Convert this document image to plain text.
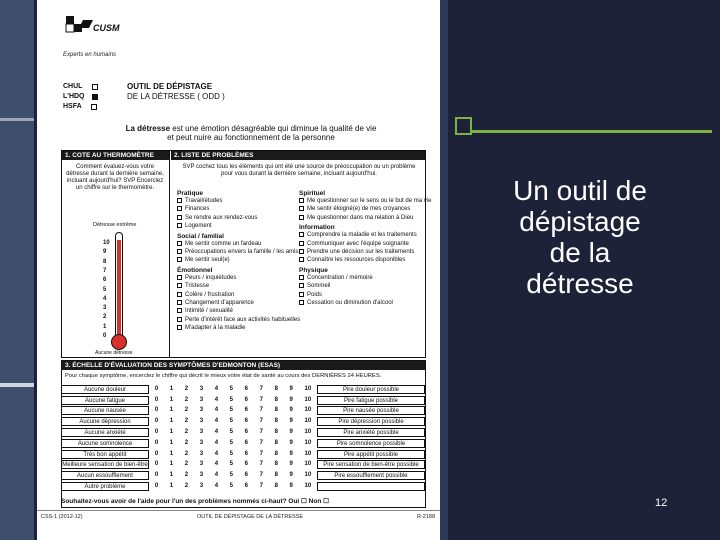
CUSM
Experts en humains
CHUL
L'HDQ
HSFA
OUTIL DE DÉPISTAGE
DE LA DÉTRESSE ( ODD )
La détresse est une émotion désagréable qui diminue la qualité de vie
et peut nuire au fonctionnement de la personne
1. COTE AU THERMOMÈTRE	2. LISTE DE PROBLÈMES
Comment évaluez-vous votre détresse durant la dernière semaine, incluant aujourd'hui? SVP Encerclez un chiffre sur le thermomètre.
Détresse extrême
10
9
8
7
6
5
4
3
2
1
0
Aucune détresse
SVP cochez tous les éléments qui ont été une source de préoccupation ou un problème pour vous durant la dernière semaine, incluant aujourd'hui.
Pratique
Travail/études
Finances
Se rendre aux rendez-vous
Logement
Social / familial
Me sentir comme un fardeau
Préoccupations envers la famille / les amis
Me sentir seul(e)
Émotionnel
Peurs / inquiétudes
Tristesse
Colère / frustration
Changement d'apparence
Intimité / sexualité
Perte d'intérêt face aux activités habituelles
M'adapter à la maladie
Spirituel
Me questionner sur le sens ou le but de ma vie
Me sentir éloigné(e) de mes croyances
Me questionner dans ma relation à Dieu
Information
Comprendre la maladie et les traitements
Communiquer avec l'équipe soignante
Prendre une décision sur les traitements
Connaître les ressources disponibles
Physique
Concentration / mémoire
Sommeil
Poids
Cessation ou diminution d'alcool
3. ÉCHELLE D'ÉVALUATION DES SYMPTÔMES D'EDMONTON (ESAS)
Pour chaque symptôme, encerclez le chiffre qui décrit le mieux votre état de santé au cours des DERNIÈRES 24 HEURES.
Aucune douleur	0 1 2 3 4 5 6 7 8 9 10	Pire douleur possible
Aucune fatigue	0 1 2 3 4 5 6 7 8 9 10	Pire fatigue possible
Aucune nausée	0 1 2 3 4 5 6 7 8 9 10	Pire nausée possible
Aucune dépression	0 1 2 3 4 5 6 7 8 9 10	Pire dépression possible
Aucune anxiété	0 1 2 3 4 5 6 7 8 9 10	Pire anxiété possible
Aucune somnolence	0 1 2 3 4 5 6 7 8 9 10	Pire somnolence possible
Très bon appétit	0 1 2 3 4 5 6 7 8 9 10	Pire appétit possible
Meilleure sensation de bien-être 0 1 2 3 4 5 6 7 8 9 10	Pire sensation de bien-être possible
Aucun essoufflement	0 1 2 3 4 5 6 7 8 9 10	Pire essoufflement possible
Autre problème	0 1 2 3 4 5 6 7 8 9 10
Souhaitez-vous avoir de l'aide pour l'un des problèmes nommés ci-haut? Oui ☐ Non ☐
CSS-1 (2012-12)	OUTIL DE DÉPISTAGE DE LA DÉTRESSE	R-2188
Un outil de
dépistage
de la
détresse
12
